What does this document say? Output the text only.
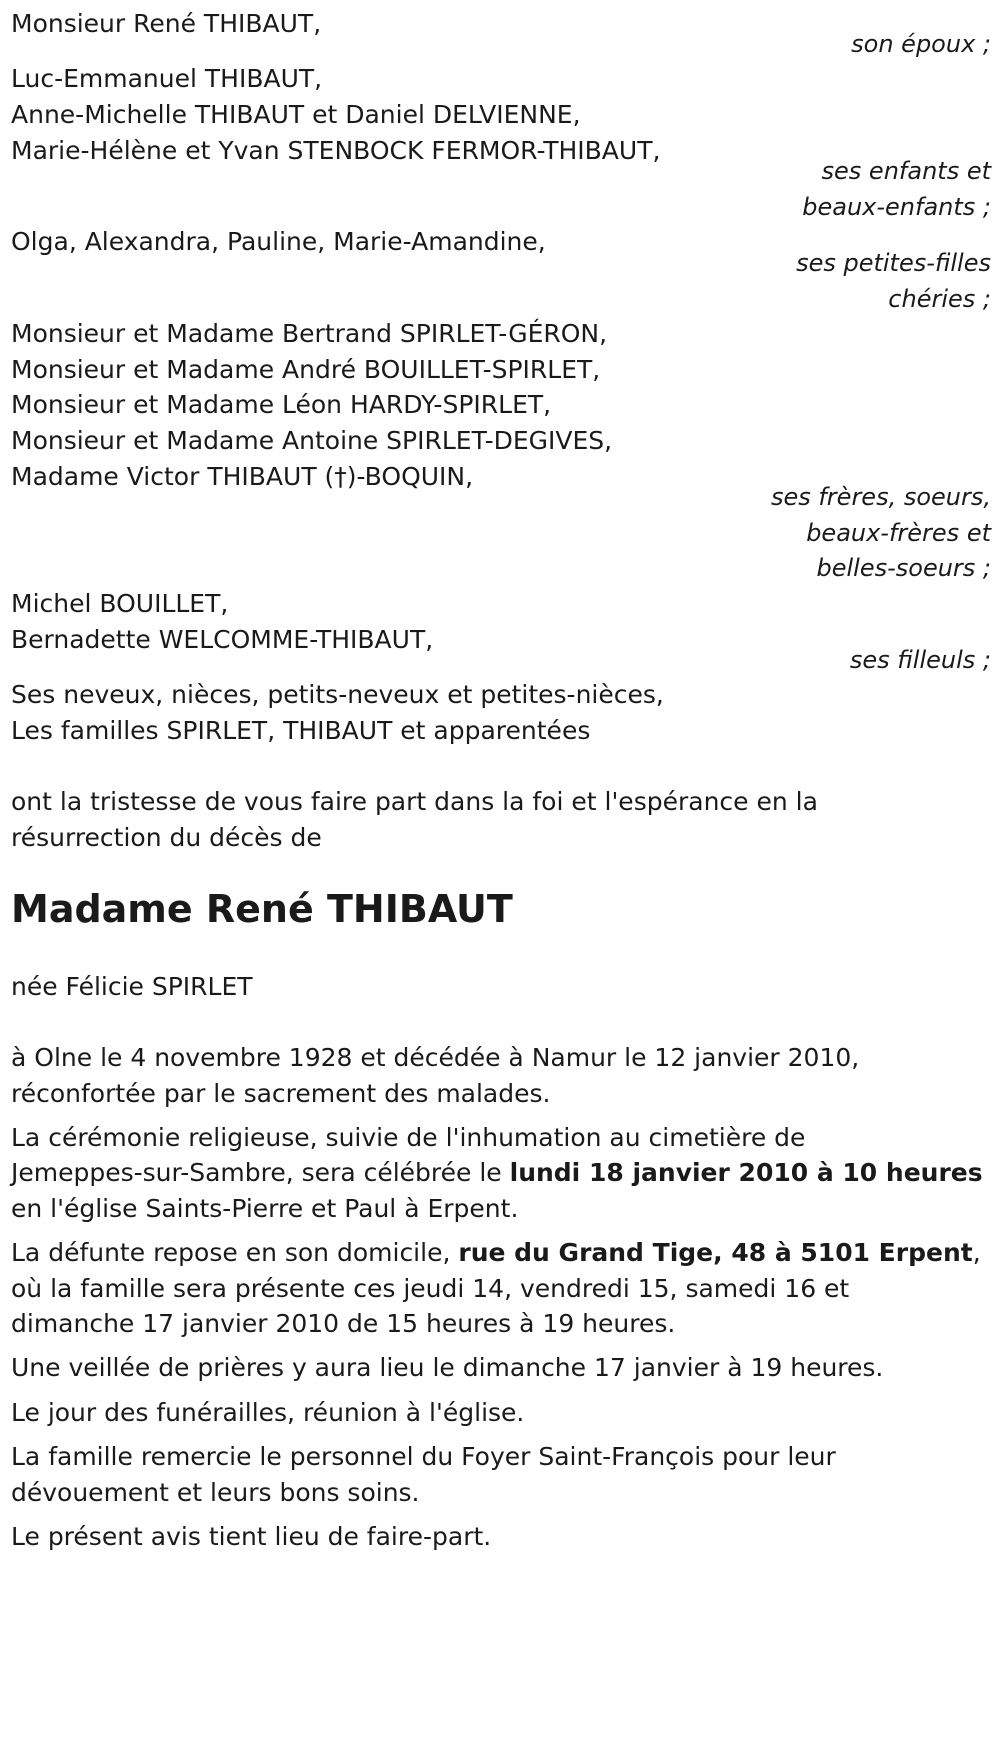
Monsieur René THIBAUT,

son époux ;

Luc-Emmanuel THIBAUT,

Anne-Michelle THIBAUT et Daniel DELVIENNE,

Marie-Hélène et Yvan STENBOCK FERMOR-THIBAUT,

ses enfants et

beaux-enfants ;

Olga, Alexandra, Pauline, Marie-Amandine,

ses petites-filles

chéries ;

Monsieur et Madame Bertrand SPIRLET-GÉRON,

Monsieur et Madame André BOUILLET-SPIRLET,

Monsieur et Madame Léon HARDY-SPIRLET,

Monsieur et Madame Antoine SPIRLET-DEGIVES,

Madame Victor THIBAUT (†)-BOQUIN,

ses frères, soeurs,

beaux-frères et

belles-soeurs ;

Michel BOUILLET,

Bernadette WELCOMME-THIBAUT,

ses filleuls ;

Ses neveux, nièces, petits-neveux et petites-nièces,

Les familles SPIRLET, THIBAUT et apparentées

ont la tristesse de vous faire part dans la foi et l'espérance en la

résurrection du décès de

Madame René THIBAUT

née Félicie SPIRLET

à Olne le 4 novembre 1928 et décédée à Namur le 12 janvier 2010,

réconfortée par le sacrement des malades.

La cérémonie religieuse, suivie de l'inhumation au cimetière de

Jemeppes-sur-Sambre, sera célébrée le lundi 18 janvier 2010 à 10 heures

en l'église Saints-Pierre et Paul à Erpent.

La défunte repose en son domicile, rue du Grand Tige, 48 à 5101 Erpent,

où la famille sera présente ces jeudi 14, vendredi 15, samedi 16 et

dimanche 17 janvier 2010 de 15 heures à 19 heures.

Une veillée de prières y aura lieu le dimanche 17 janvier à 19 heures.

Le jour des funérailles, réunion à l'église.

La famille remercie le personnel du Foyer Saint-François pour leur

dévouement et leurs bons soins.

Le présent avis tient lieu de faire-part.
